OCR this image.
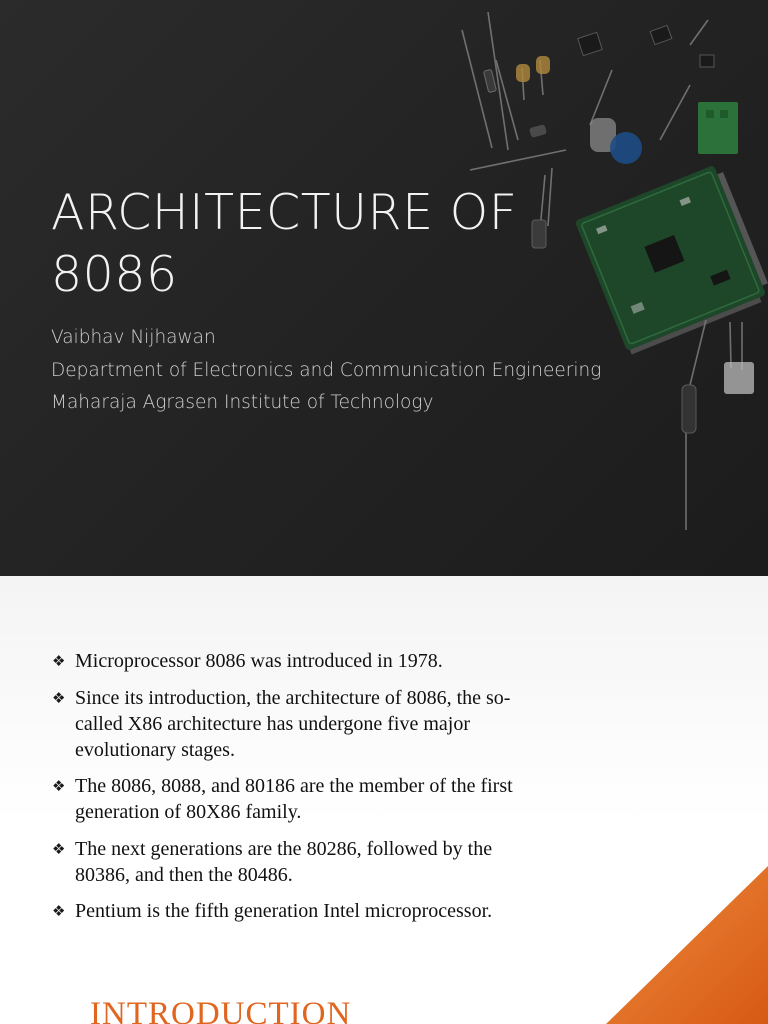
ARCHITECTURE OF
8086
Vaibhav Nijhawan
Department of Electronics and Communication Engineering
Maharaja Agrasen Institute of Technology
❖ Microprocessor 8086 was introduced in 1978.
❖ Since its introduction, the architecture of 8086, the so-called X86 architecture has undergone five major evolutionary stages.
❖ The 8086, 8088, and 80186 are the member of the first generation of 80X86 family.
❖ The next generations are the 80286, followed by the 80386, and then the 80486.
❖ Pentium is the fifth generation Intel microprocessor.
INTRODUCTION
